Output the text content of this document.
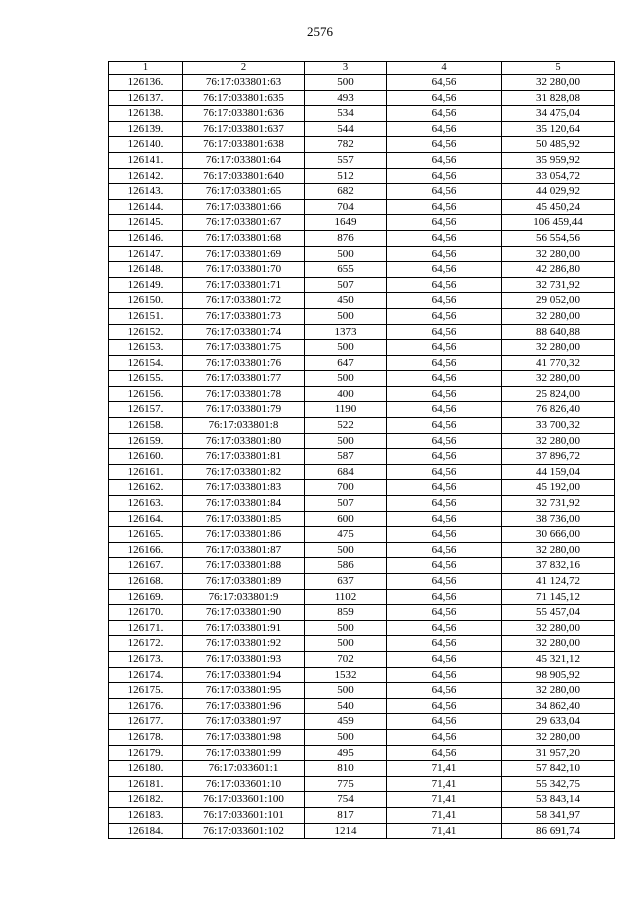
2576
1	2	3	4	5
126136.	76:17:033801:63	500	64,56	32 280,00
126137.	76:17:033801:635	493	64,56	31 828,08
126138.	76:17:033801:636	534	64,56	34 475,04
126139.	76:17:033801:637	544	64,56	35 120,64
126140.	76:17:033801:638	782	64,56	50 485,92
126141.	76:17:033801:64	557	64,56	35 959,92
126142.	76:17:033801:640	512	64,56	33 054,72
126143.	76:17:033801:65	682	64,56	44 029,92
126144.	76:17:033801:66	704	64,56	45 450,24
126145.	76:17:033801:67	1649	64,56	106 459,44
126146.	76:17:033801:68	876	64,56	56 554,56
126147.	76:17:033801:69	500	64,56	32 280,00
126148.	76:17:033801:70	655	64,56	42 286,80
126149.	76:17:033801:71	507	64,56	32 731,92
126150.	76:17:033801:72	450	64,56	29 052,00
126151.	76:17:033801:73	500	64,56	32 280,00
126152.	76:17:033801:74	1373	64,56	88 640,88
126153.	76:17:033801:75	500	64,56	32 280,00
126154.	76:17:033801:76	647	64,56	41 770,32
126155.	76:17:033801:77	500	64,56	32 280,00
126156.	76:17:033801:78	400	64,56	25 824,00
126157.	76:17:033801:79	1190	64,56	76 826,40
126158.	76:17:033801:8	522	64,56	33 700,32
126159.	76:17:033801:80	500	64,56	32 280,00
126160.	76:17:033801:81	587	64,56	37 896,72
126161.	76:17:033801:82	684	64,56	44 159,04
126162.	76:17:033801:83	700	64,56	45 192,00
126163.	76:17:033801:84	507	64,56	32 731,92
126164.	76:17:033801:85	600	64,56	38 736,00
126165.	76:17:033801:86	475	64,56	30 666,00
126166.	76:17:033801:87	500	64,56	32 280,00
126167.	76:17:033801:88	586	64,56	37 832,16
126168.	76:17:033801:89	637	64,56	41 124,72
126169.	76:17:033801:9	1102	64,56	71 145,12
126170.	76:17:033801:90	859	64,56	55 457,04
126171.	76:17:033801:91	500	64,56	32 280,00
126172.	76:17:033801:92	500	64,56	32 280,00
126173.	76:17:033801:93	702	64,56	45 321,12
126174.	76:17:033801:94	1532	64,56	98 905,92
126175.	76:17:033801:95	500	64,56	32 280,00
126176.	76:17:033801:96	540	64,56	34 862,40
126177.	76:17:033801:97	459	64,56	29 633,04
126178.	76:17:033801:98	500	64,56	32 280,00
126179.	76:17:033801:99	495	64,56	31 957,20
126180.	76:17:033601:1	810	71,41	57 842,10
126181.	76:17:033601:10	775	71,41	55 342,75
126182.	76:17:033601:100	754	71,41	53 843,14
126183.	76:17:033601:101	817	71,41	58 341,97
126184.	76:17:033601:102	1214	71,41	86 691,74
